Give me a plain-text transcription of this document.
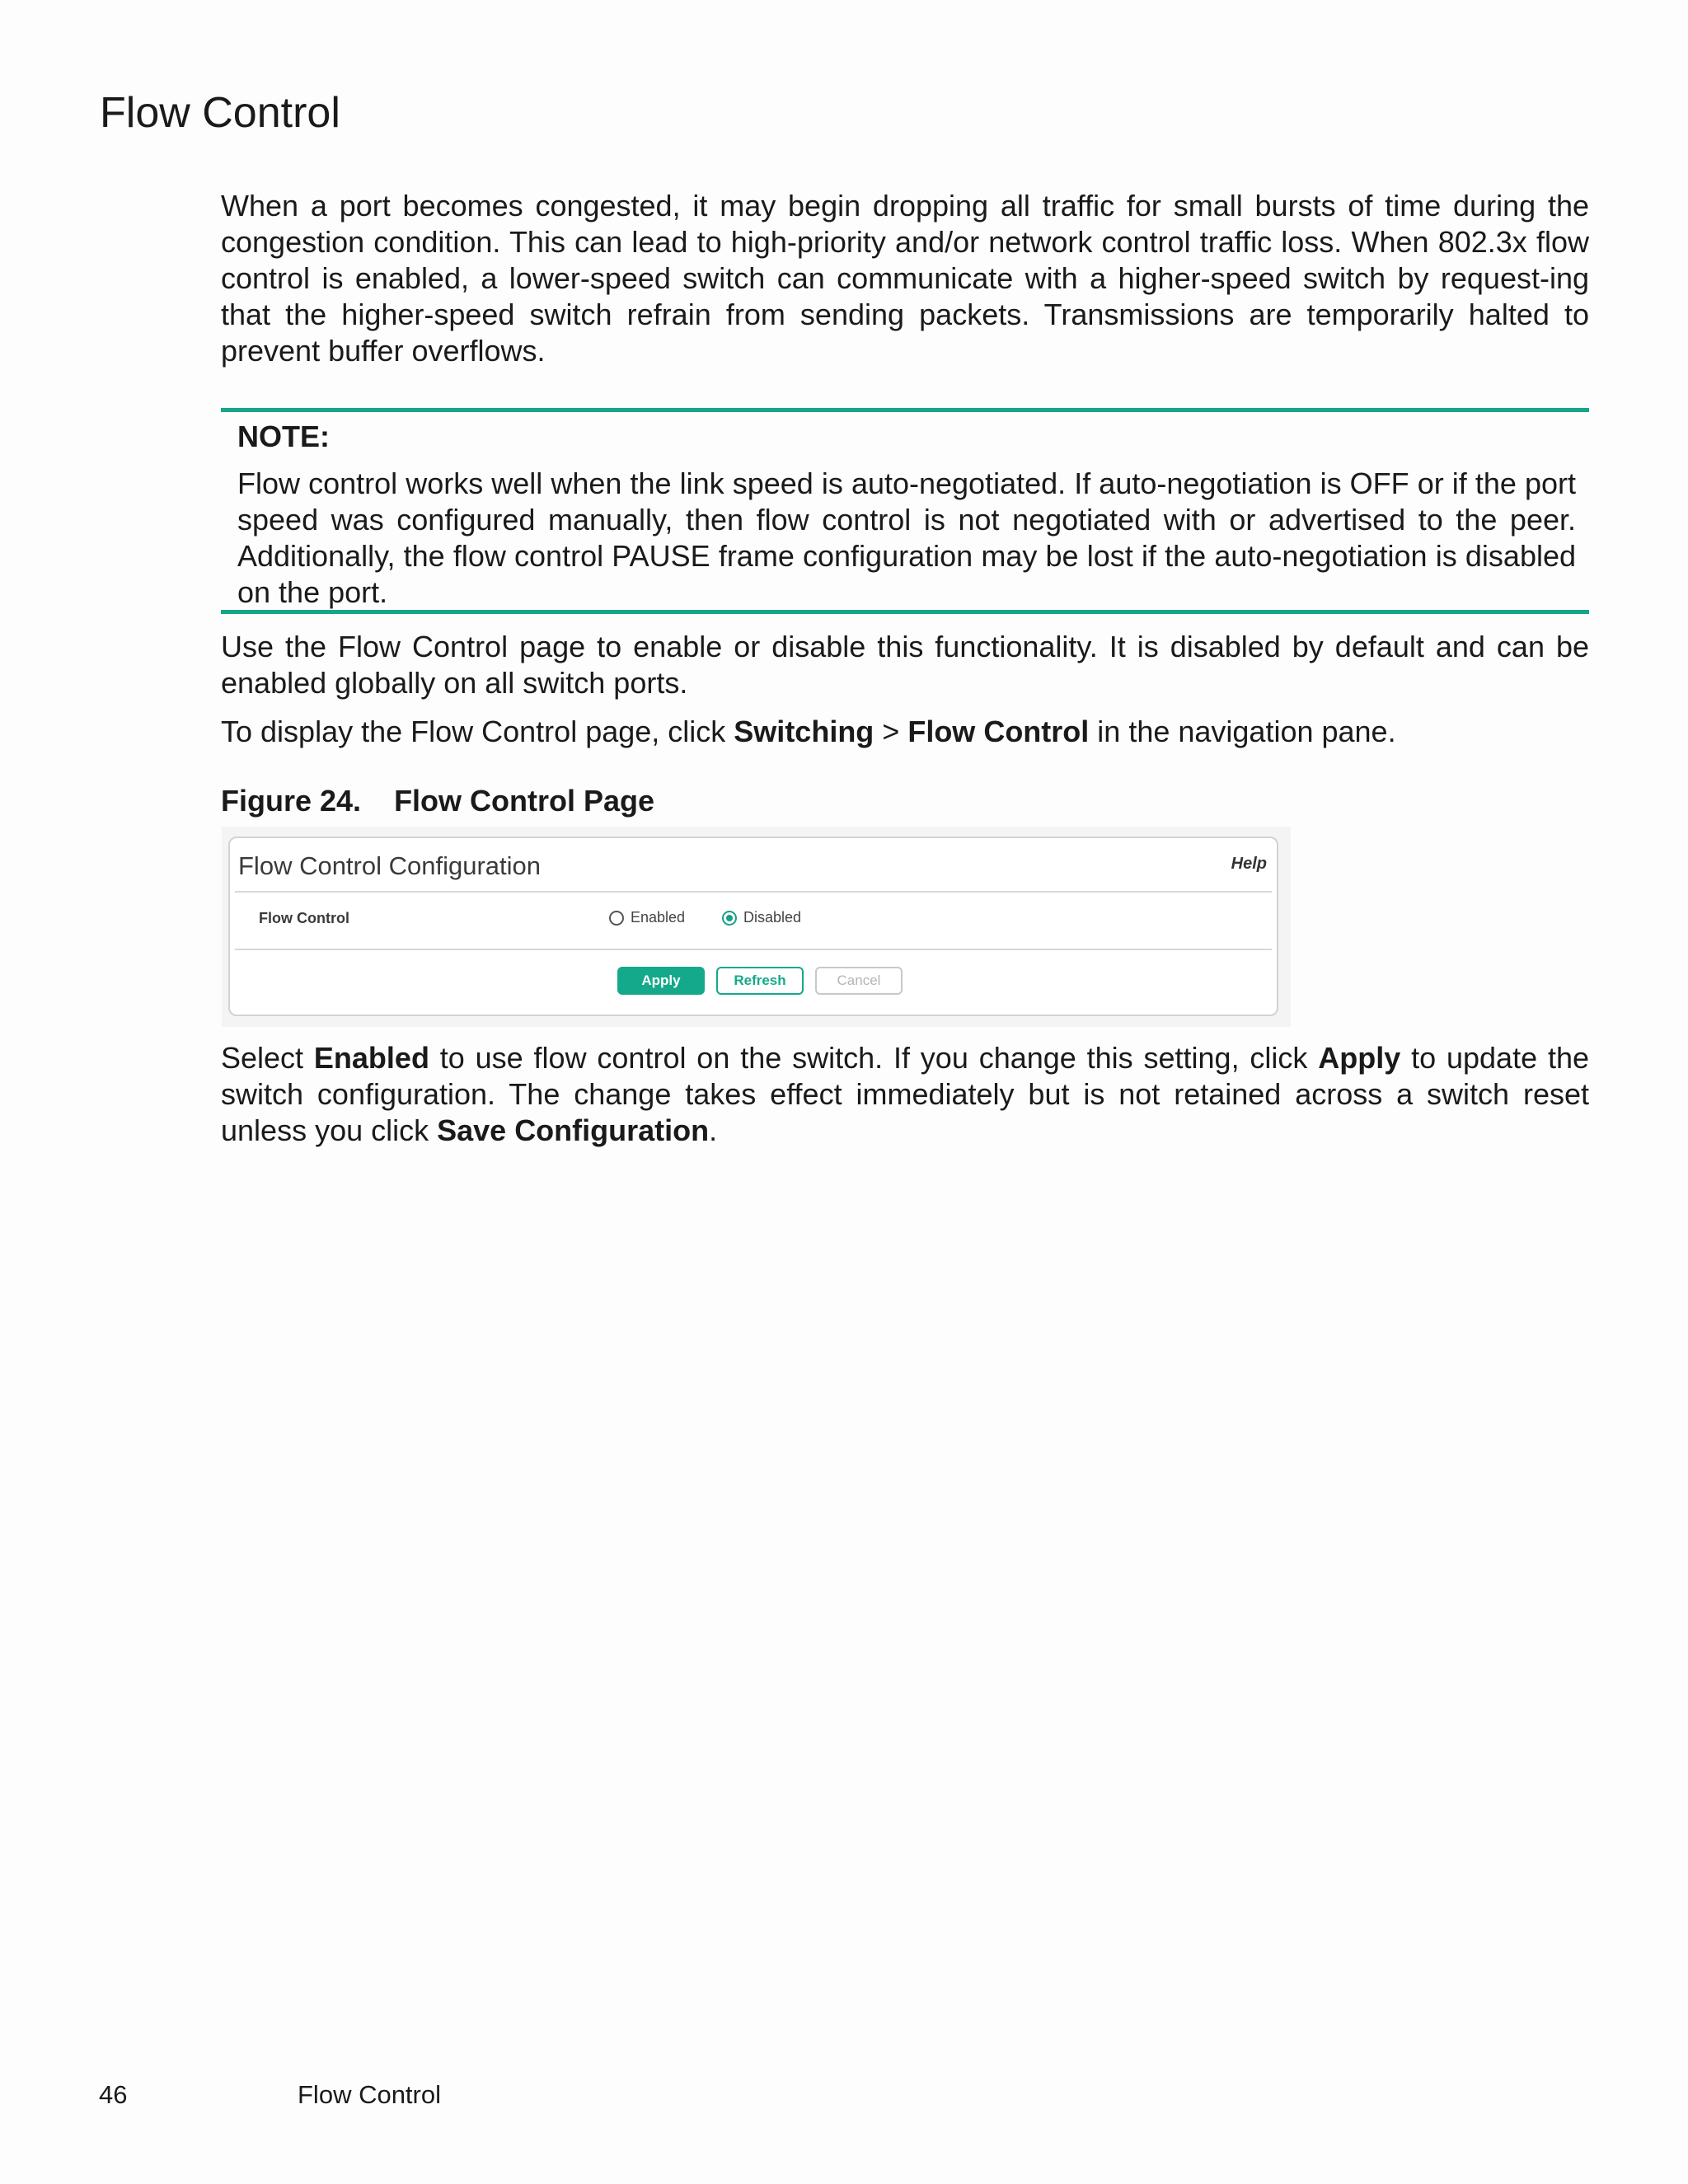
Flow Control

When a port becomes congested, it may begin dropping all traffic for small bursts of time during the congestion condition. This can lead to high-priority and/or network control traffic loss. When 802.3x flow control is enabled, a lower-speed switch can communicate with a higher-speed switch by request-ing that the higher-speed switch refrain from sending packets. Transmissions are temporarily halted to prevent buffer overflows.

NOTE:

Flow control works well when the link speed is auto-negotiated. If auto-negotiation is OFF or if the port speed was configured manually, then flow control is not negotiated with or advertised to the peer. Additionally, the flow control PAUSE frame configuration may be lost if the auto-negotiation is disabled on the port.

Use the Flow Control page to enable or disable this functionality. It is disabled by default and can be enabled globally on all switch ports.

To display the Flow Control page, click Switching > Flow Control in the navigation pane.

Figure 24. Flow Control Page

Flow Control Configuration	Help
Flow Control	Enabled	Disabled
Apply	Refresh	Cancel

Select Enabled to use flow control on the switch. If you change this setting, click Apply to update the switch configuration. The change takes effect immediately but is not retained across a switch reset unless you click Save Configuration.

46	Flow Control
